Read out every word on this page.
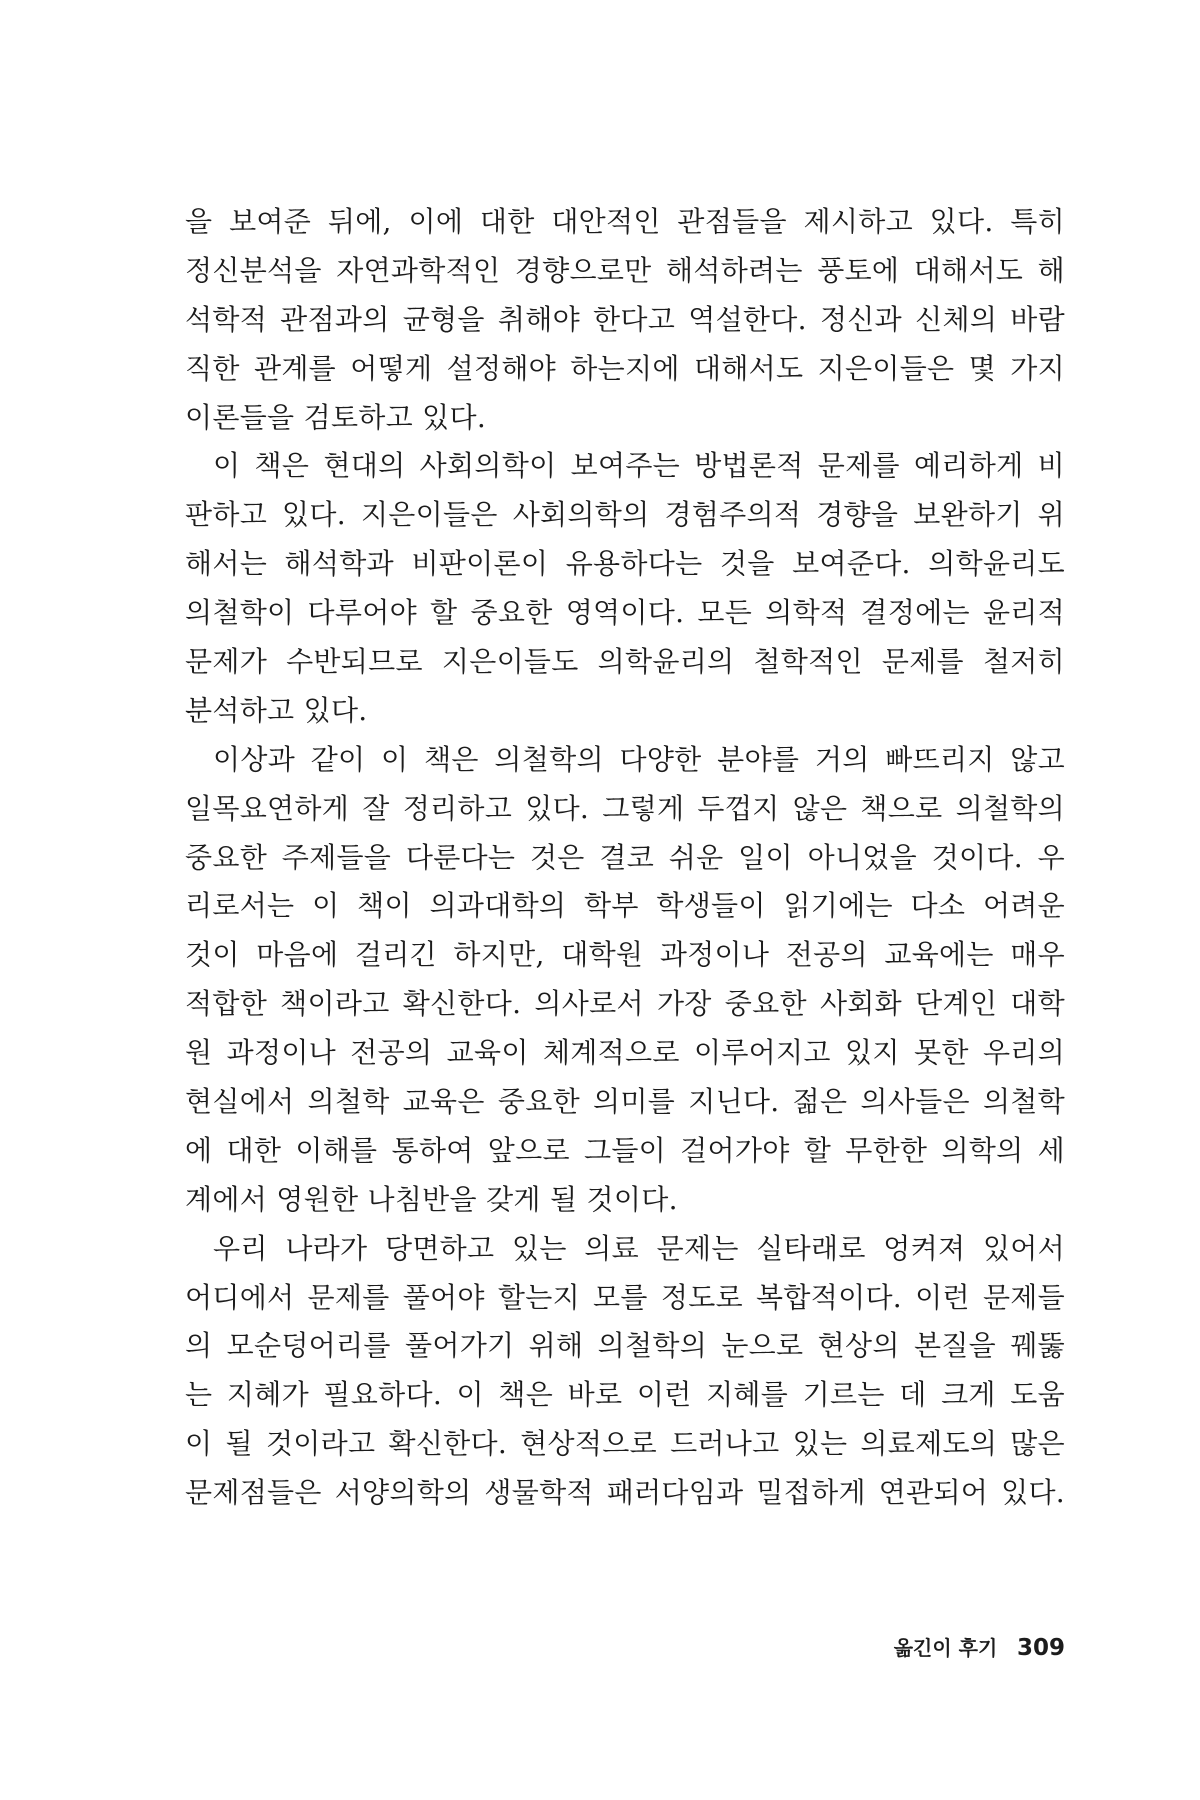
을 보여준 뒤에, 이에 대한 대안적인 관점들을 제시하고 있다. 특히
정신분석을 자연과학적인 경향으로만 해석하려는 풍토에 대해서도 해
석학적 관점과의 균형을 취해야 한다고 역설한다. 정신과 신체의 바람
직한 관계를 어떻게 설정해야 하는지에 대해서도 지은이들은 몇 가지
이론들을 검토하고 있다.
이 책은 현대의 사회의학이 보여주는 방법론적 문제를 예리하게 비
판하고 있다. 지은이들은 사회의학의 경험주의적 경향을 보완하기 위
해서는 해석학과 비판이론이 유용하다는 것을 보여준다. 의학윤리도
의철학이 다루어야 할 중요한 영역이다. 모든 의학적 결정에는 윤리적
문제가 수반되므로 지은이들도 의학윤리의 철학적인 문제를 철저히
분석하고 있다.
이상과 같이 이 책은 의철학의 다양한 분야를 거의 빠뜨리지 않고
일목요연하게 잘 정리하고 있다. 그렇게 두껍지 않은 책으로 의철학의
중요한 주제들을 다룬다는 것은 결코 쉬운 일이 아니었을 것이다. 우
리로서는 이 책이 의과대학의 학부 학생들이 읽기에는 다소 어려운
것이 마음에 걸리긴 하지만, 대학원 과정이나 전공의 교육에는 매우
적합한 책이라고 확신한다. 의사로서 가장 중요한 사회화 단계인 대학
원 과정이나 전공의 교육이 체계적으로 이루어지고 있지 못한 우리의
현실에서 의철학 교육은 중요한 의미를 지닌다. 젊은 의사들은 의철학
에 대한 이해를 통하여 앞으로 그들이 걸어가야 할 무한한 의학의 세
계에서 영원한 나침반을 갖게 될 것이다.
우리 나라가 당면하고 있는 의료 문제는 실타래로 엉켜져 있어서
어디에서 문제를 풀어야 할는지 모를 정도로 복합적이다. 이런 문제들
의 모순덩어리를 풀어가기 위해 의철학의 눈으로 현상의 본질을 꿰뚫
는 지혜가 필요하다. 이 책은 바로 이런 지혜를 기르는 데 크게 도움
이 될 것이라고 확신한다. 현상적으로 드러나고 있는 의료제도의 많은
문제점들은 서양의학의 생물학적 패러다임과 밀접하게 연관되어 있다.
옮긴이 후기 309
